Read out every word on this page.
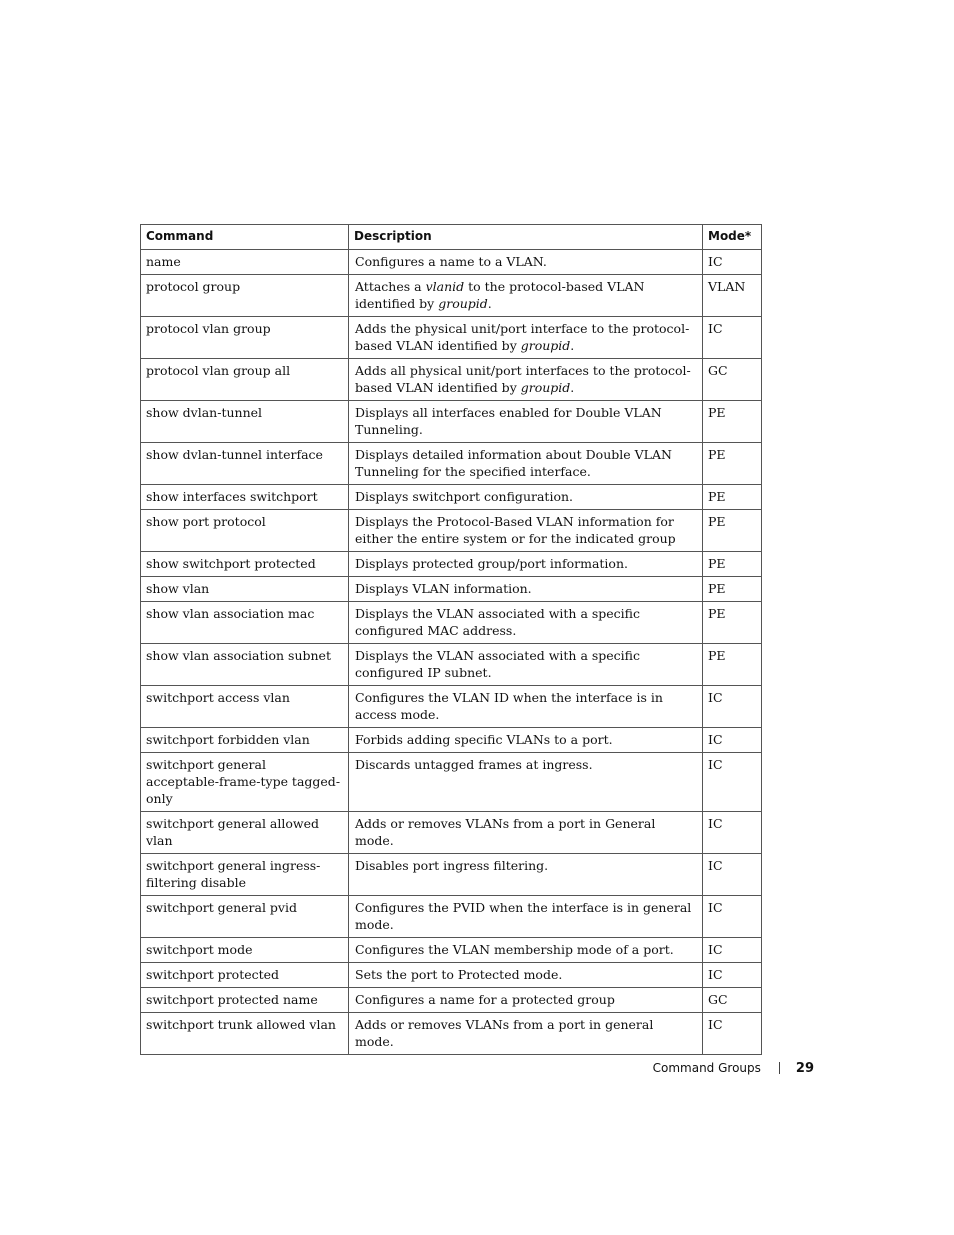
Command	Description	Mode*
name	Configures a name to a VLAN.	IC
protocol group	Attaches a vlanid to the protocol-based VLAN identified by groupid.	VLAN
protocol vlan group	Adds the physical unit/port interface to the protocol-based VLAN identified by groupid.	IC
protocol vlan group all	Adds all physical unit/port interfaces to the protocol-based VLAN identified by groupid.	GC
show dvlan-tunnel	Displays all interfaces enabled for Double VLAN Tunneling.	PE
show dvlan-tunnel interface	Displays detailed information about Double VLAN Tunneling for the specified interface.	PE
show interfaces switchport	Displays switchport configuration.	PE
show port protocol	Displays the Protocol-Based VLAN information for either the entire system or for the indicated group	PE
show switchport protected	Displays protected group/port information.	PE
show vlan	Displays VLAN information.	PE
show vlan association mac	Displays the VLAN associated with a specific configured MAC address.	PE
show vlan association subnet	Displays the VLAN associated with a specific configured IP subnet.	PE
switchport access vlan	Configures the VLAN ID when the interface is in access mode.	IC
switchport forbidden vlan	Forbids adding specific VLANs to a port.	IC
switchport general acceptable-frame-type tagged-only	Discards untagged frames at ingress.	IC
switchport general allowed vlan	Adds or removes VLANs from a port in General mode.	IC
switchport general ingress-filtering disable	Disables port ingress filtering.	IC
switchport general pvid	Configures the PVID when the interface is in general mode.	IC
switchport mode	Configures the VLAN membership mode of a port.	IC
switchport protected	Sets the port to Protected mode.	IC
switchport protected name	Configures a name for a protected group	GC
switchport trunk allowed vlan	Adds or removes VLANs from a port in general mode.	IC
Command Groups	29
